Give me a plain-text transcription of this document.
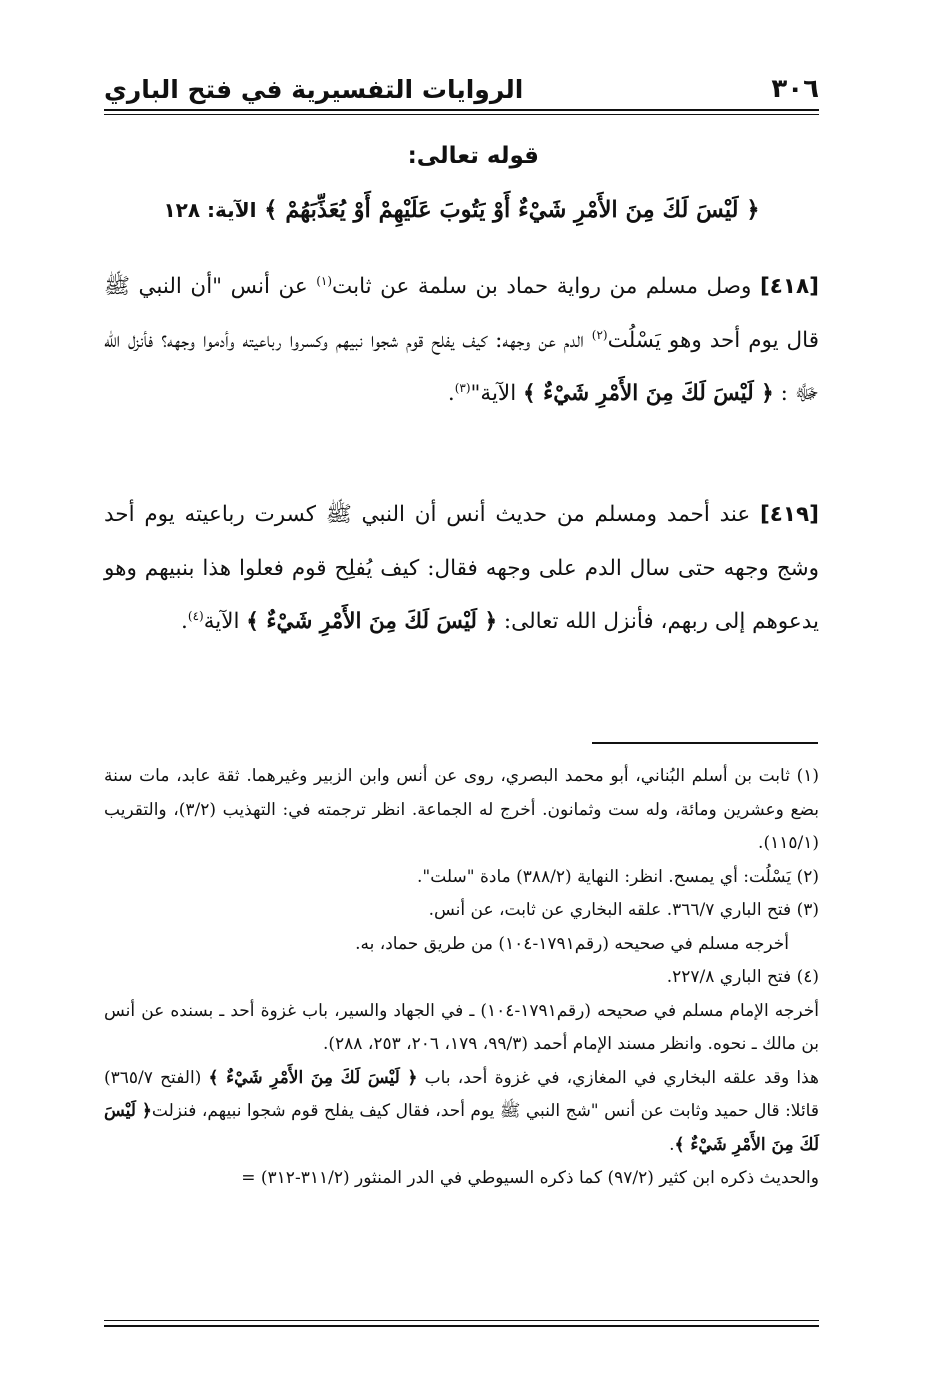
٣٠٦
الروايات التفسيرية في فتح الباري
قوله تعالى:
﴿ لَيْسَ لَكَ مِنَ الأَمْرِ شَيْءٌ أَوْ يَتُوبَ عَلَيْهِمْ أَوْ يُعَذِّبَهُمْ ﴾ الآية: ١٢٨

[٤١٨] وصل مسلم من رواية حماد بن سلمة عن ثابت$^{(١)}$ عن أنس "أن النبي ﷺ قال يوم أحد وهو يَسْلُت$^{(٢)}$ الدم عن وجهه: كيف يفلح قوم شجوا نبيهم وكسروا رباعيته وأدموا وجهه؟ فأنزل الله ﷻ : ﴿ لَيْسَ لَكَ مِنَ الأَمْرِ شَيْءٌ ﴾ الآية"$^{(٣)}$.

[٤١٩] عند أحمد ومسلم من حديث أنس أن النبي ﷺ كسرت رباعيته يوم أحد وشج وجهه حتى سال الدم على وجهه فقال: كيف يُفلِح قوم فعلوا هذا بنبيهم وهو يدعوهم إلى ربهم، فأنزل الله تعالى: ﴿ لَيْسَ لَكَ مِنَ الأَمْرِ شَيْءٌ ﴾ الآية$^{(٤)}$.

(١) ثابت بن أسلم البُناني، أبو محمد البصري، روى عن أنس وابن الزبير وغيرهما. ثقة عابد، مات سنة بضع وعشرين ومائة، وله ست وثمانون. أخرج له الجماعة. انظر ترجمته في: التهذيب (٣/٢)، والتقريب (١١٥/١).

(٢) يَسْلُت: أي يمسح. انظر: النهاية (٣٨٨/٢) مادة "سلت".

(٣) فتح الباري ٣٦٦/٧. علقه البخاري عن ثابت، عن أنس.

أخرجه مسلم في صحيحه (رقم١٧٩١-١٠٤) من طريق حماد، به.

(٤) فتح الباري ٢٢٧/٨.

أخرجه الإمام مسلم في صحيحه (رقم١٧٩١-١٠٤) ـ في الجهاد والسير، باب غزوة أحد ـ بسنده عن أنس بن مالك ـ نحوه. وانظر مسند الإمام أحمد (٩٩/٣، ١٧٩، ٢٠٦، ٢٥٣، ٢٨٨).

هذا وقد علقه البخاري في المغازي، في غزوة أحد، باب ﴿ لَيْسَ لَكَ مِنَ الأَمْرِ شَيْءٌ ﴾ (الفتح ٣٦٥/٧) قائلا: قال حميد وثابت عن أنس "شج النبي ﷺ يوم أحد، فقال كيف يفلح قوم شجوا نبيهم، فنزلت﴿ لَيْسَ لَكَ مِنَ الأَمْرِ شَيْءٌ ﴾.

والحديث ذكره ابن كثير (٩٧/٢) كما ذكره السيوطي في الدر المنثور (٣١١/٢-٣١٢) =
